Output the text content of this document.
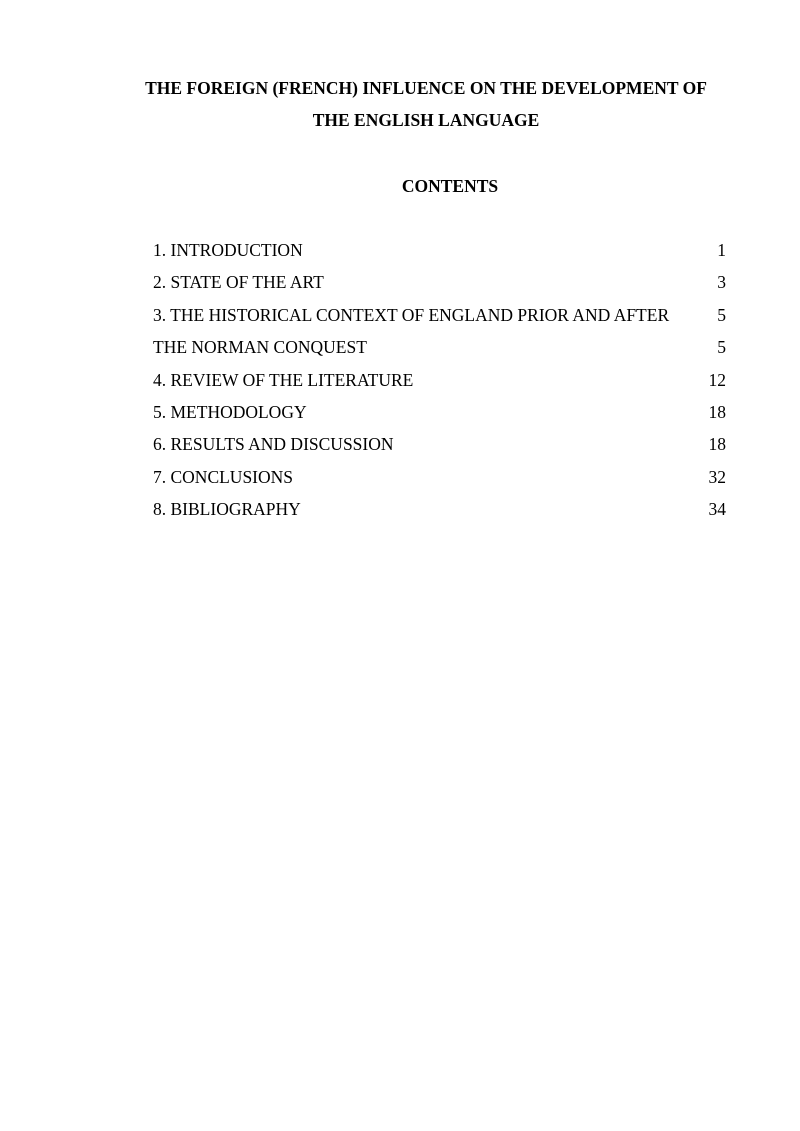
THE FOREIGN (FRENCH) INFLUENCE ON THE DEVELOPMENT OF
THE ENGLISH LANGUAGE
CONTENTS
1. INTRODUCTION	1
2. STATE OF THE ART	3
3. THE HISTORICAL CONTEXT OF ENGLAND PRIOR AND AFTER	5
THE NORMAN CONQUEST	5
4. REVIEW OF THE LITERATURE	12
5. METHODOLOGY	18
6. RESULTS AND DISCUSSION	18
7. CONCLUSIONS	32
8. BIBLIOGRAPHY	34
